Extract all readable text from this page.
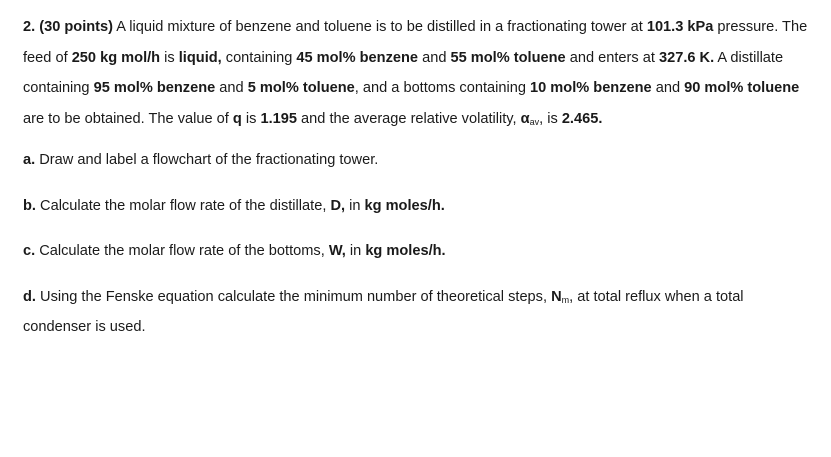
2. (30 points) A liquid mixture of benzene and toluene is to be distilled in a fractionating tower at 101.3 kPa pressure. The feed of 250 kg mol/h is liquid, containing 45 mol% benzene and 55 mol% toluene and enters at 327.6 K. A distillate containing 95 mol% benzene and 5 mol% toluene, and a bottoms containing 10 mol% benzene and 90 mol% toluene are to be obtained. The value of q is 1.195 and the average relative volatility, $\alpha_{av}$, is 2.465.

a. Draw and label a flowchart of the fractionating tower.

b. Calculate the molar flow rate of the distillate, D, in kg moles/h.

c. Calculate the molar flow rate of the bottoms, W, in kg moles/h.

d. Using the Fenske equation calculate the minimum number of theoretical steps, $N_m$, at total reflux when a total condenser is used.
